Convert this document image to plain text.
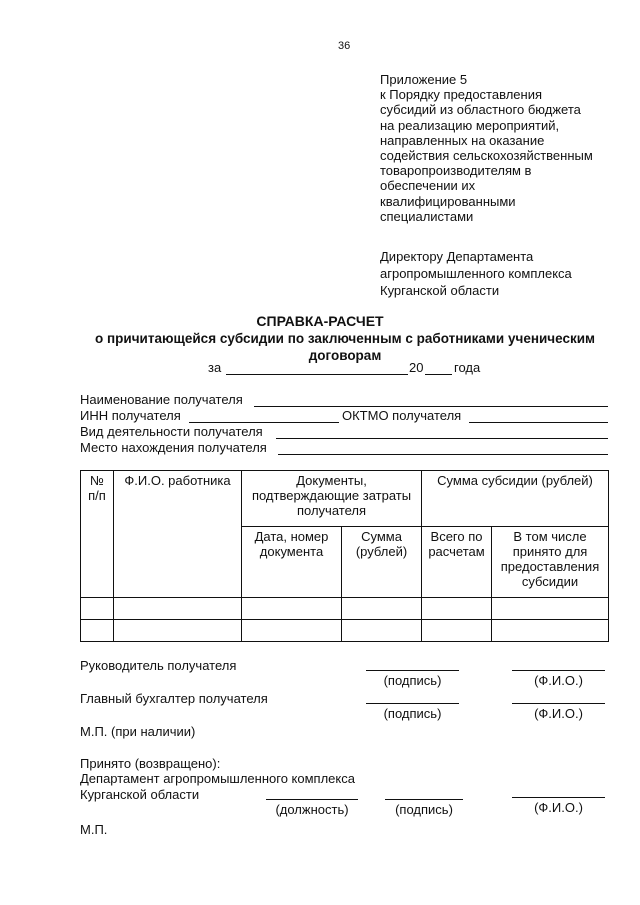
36
Приложение 5
к Порядку предоставления
субсидий из областного бюджета
на реализацию мероприятий,
направленных на оказание
содействия сельскохозяйственным
товаропроизводителям в
обеспечении их
квалифицированными
специалистами
Директору Департамента
агропромышленного комплекса
Курганской области
СПРАВКА-РАСЧЕТ
о причитающейся субсидии по заключенным с работниками ученическим
договорам
за	20 года
Наименование получателя
ИНН получателя	ОКТМО получателя
Вид деятельности получателя
Место нахождения получателя
№ п/п	Ф.И.О. работника	Документы, подтверждающие затраты получателя		Сумма субсидии (рублей)	
		Дата, номер документа	Сумма (рублей)	Всего по расчетам	В том числе принято для предоставления субсидии

Руководитель получателя
(подпись)	(Ф.И.О.)
Главный бухгалтер получателя
(подпись)	(Ф.И.О.)
М.П. (при наличии)
Принято (возвращено):
Департамент агропромышленного комплекса
Курганской области
(должность)	(подпись)	(Ф.И.О.)
М.П.
